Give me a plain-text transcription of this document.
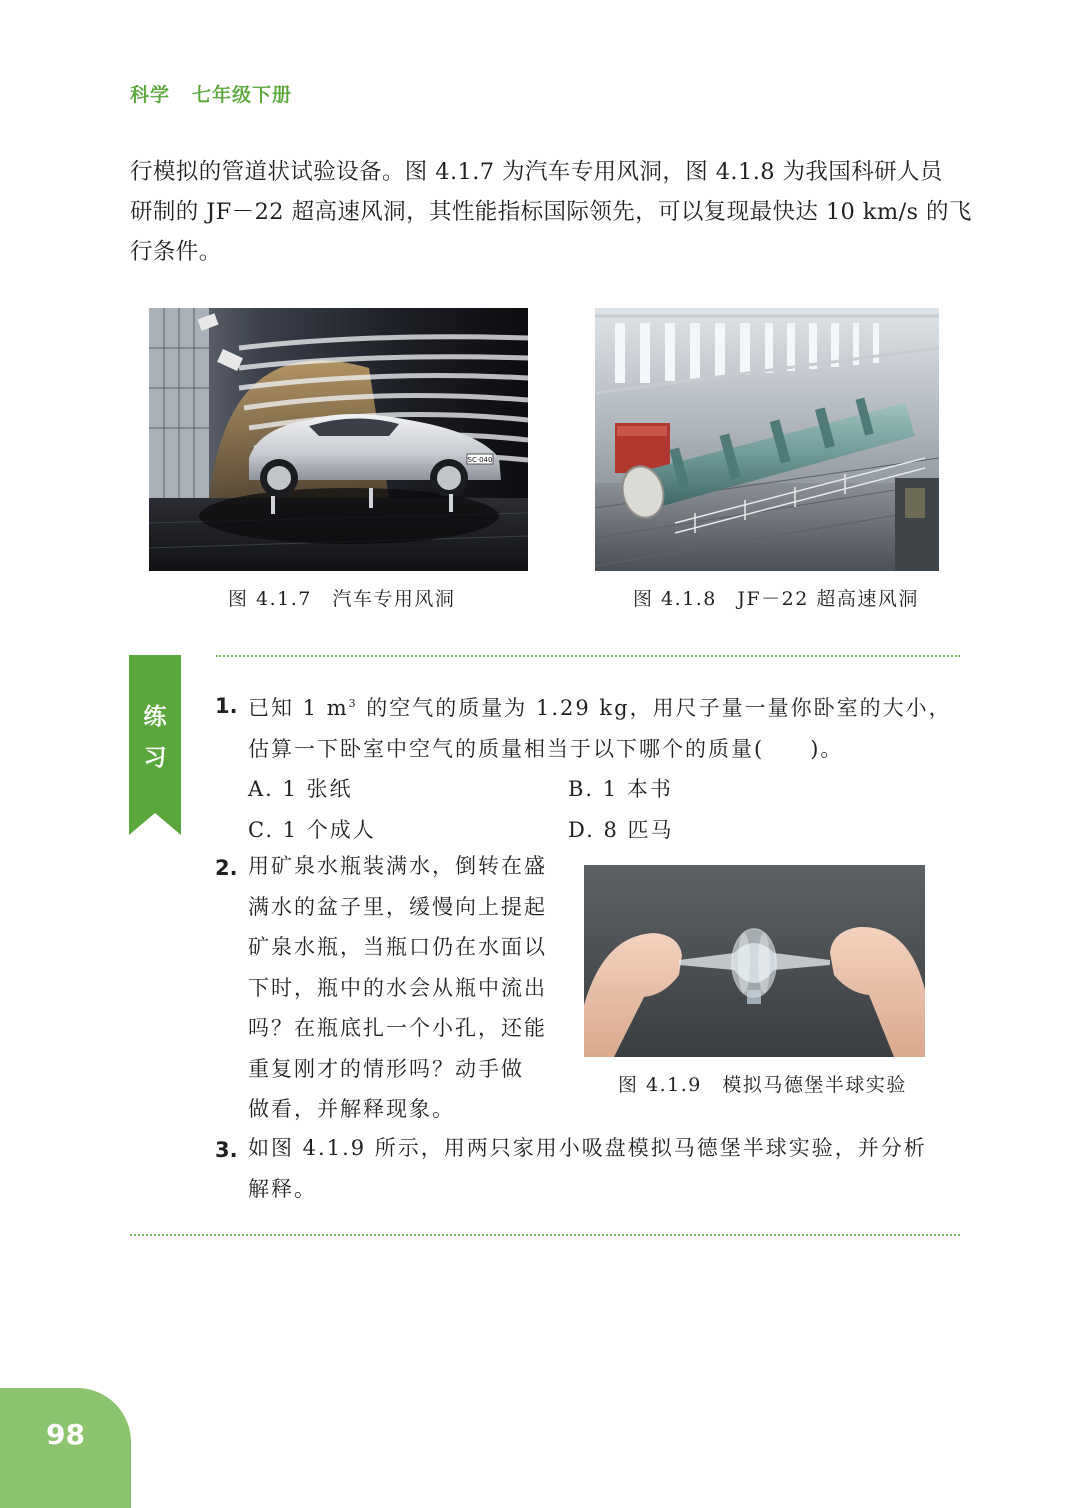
科学 七年级下册

行模拟的管道状试验设备。图 4.1.7 为汽车专用风洞，图 4.1.8 为我国科研人员

研制的 JF－22 超高速风洞，其性能指标国际领先，可以复现最快达 10 km/s 的飞

行条件。

SC·040
图 4.1.7　汽车专用风洞	图 4.1.8　JF－22 超高速风洞
练
习
1. 已知 1 $m^3$ 的空气的质量为 1.29 kg，用尺子量一量你卧室的大小，
估算一下卧室中空气的质量相当于以下哪个的质量(　　)。
A. 1 张纸	B. 1 本书
C. 1 个成人	D. 8 匹马
2. 用矿泉水瓶装满水，倒转在盛
满水的盆子里，缓慢向上提起
矿泉水瓶，当瓶口仍在水面以
下时，瓶中的水会从瓶中流出
吗？在瓶底扎一个小孔，还能
重复刚才的情形吗？动手做
做看，并解释现象。
图 4.1.9　模拟马德堡半球实验
3. 如图 4.1.9 所示，用两只家用小吸盘模拟马德堡半球实验，并分析
解释。
98
